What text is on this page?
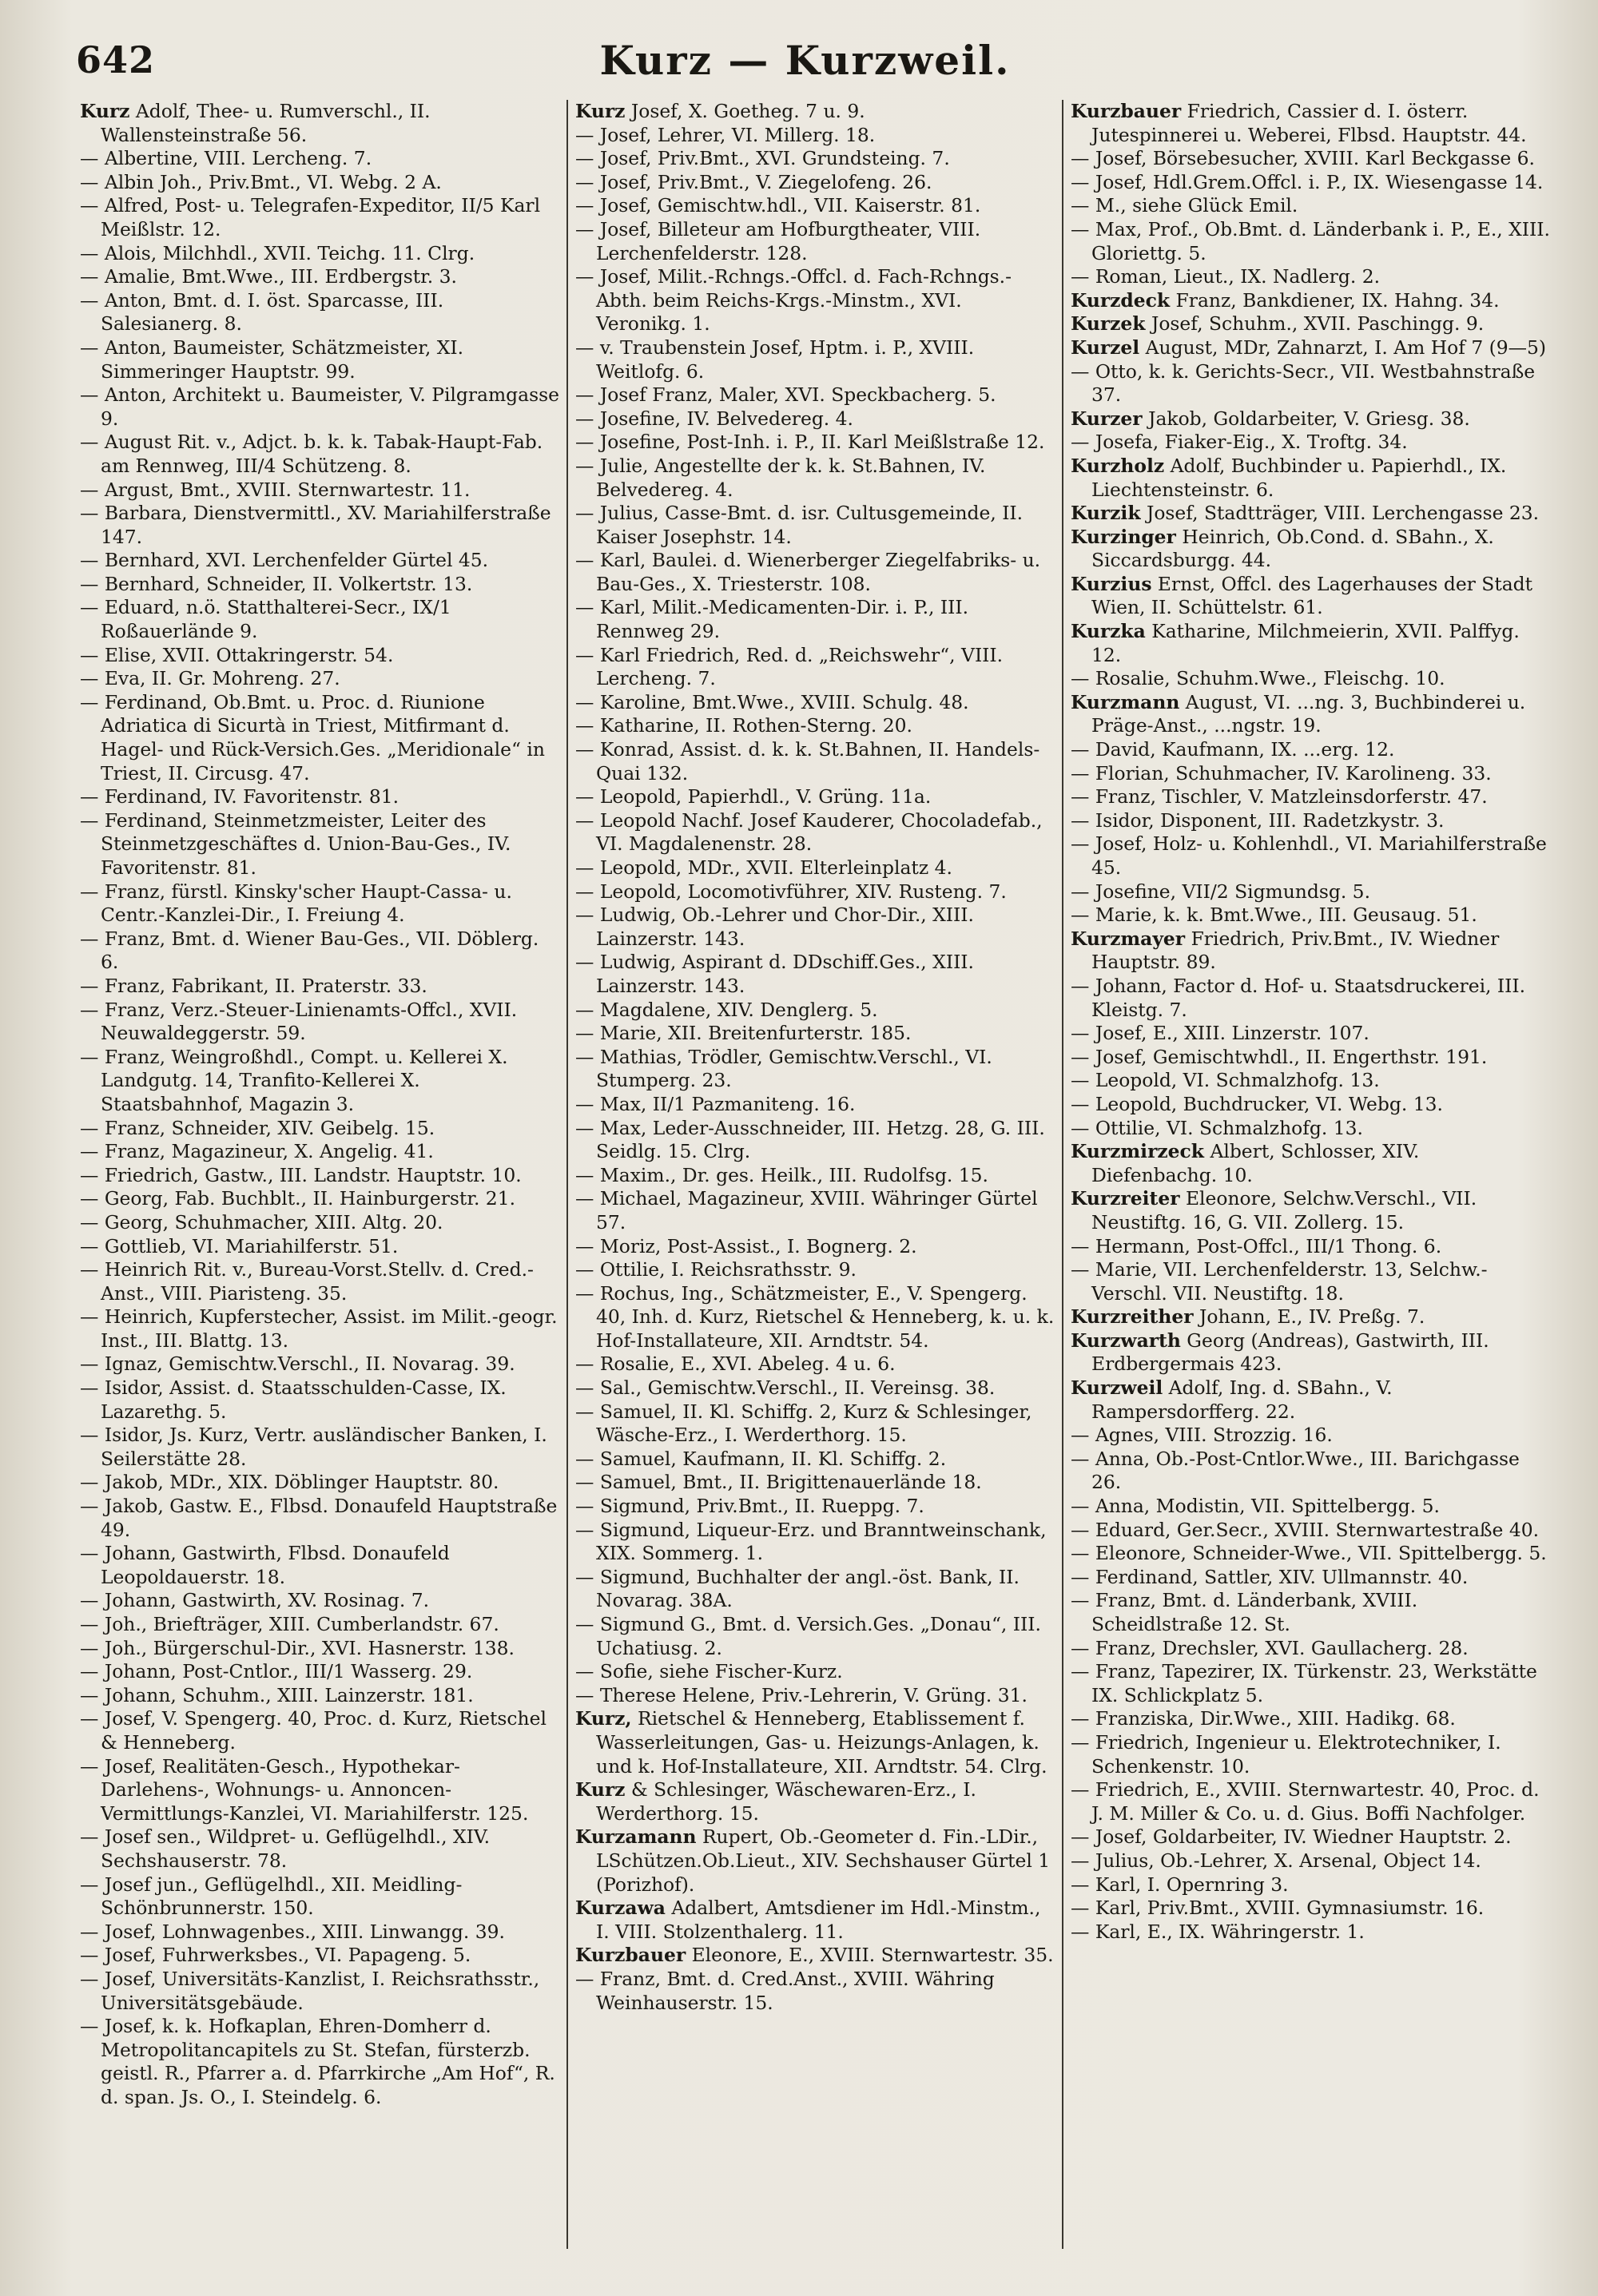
642	Kurz — Kurzweil.

Kurz Adolf, Thee- u. Rumverschl., II. Wallensteinstraße 56.

— Albertine, VIII. Lercheng. 7.

— Albin Joh., Priv.Bmt., VI. Webg. 2 A.

— Alfred, Post- u. Telegrafen-Expeditor, II/5 Karl Meißlstr. 12.

— Alois, Milchhdl., XVII. Teichg. 11. Clrg.

— Amalie, Bmt.Wwe., III. Erdbergstr. 3.

— Anton, Bmt. d. I. öst. Sparcasse, III. Salesianerg. 8.

— Anton, Baumeister, Schätzmeister, XI. Simmeringer Hauptstr. 99.

— Anton, Architekt u. Baumeister, V. Pilgramgasse 9.

— August Rit. v., Adjct. b. k. k. Tabak-Haupt-Fab. am Rennweg, III/4 Schützeng. 8.

— Argust, Bmt., XVIII. Sternwartestr. 11.

— Barbara, Dienstvermittl., XV. Mariahilferstraße 147.

— Bernhard, XVI. Lerchenfelder Gürtel 45.

— Bernhard, Schneider, II. Volkertstr. 13.

— Eduard, n.ö. Statthalterei-Secr., IX/1 Roßauerlände 9.

— Elise, XVII. Ottakringerstr. 54.

— Eva, II. Gr. Mohreng. 27.

— Ferdinand, Ob.Bmt. u. Proc. d. Riunione Adriatica di Sicurtà in Triest, Mitfirmant d. Hagel- und Rück-Versich.Ges. „Meridionale“ in Triest, II. Circusg. 47.

— Ferdinand, IV. Favoritenstr. 81.

— Ferdinand, Steinmetzmeister, Leiter des Steinmetzgeschäftes d. Union-Bau-Ges., IV. Favoritenstr. 81.

— Franz, fürstl. Kinsky'scher Haupt-Cassa- u. Centr.-Kanzlei-Dir., I. Freiung 4.

— Franz, Bmt. d. Wiener Bau-Ges., VII. Döblerg. 6.

— Franz, Fabrikant, II. Praterstr. 33.

— Franz, Verz.-Steuer-Linienamts-Offcl., XVII. Neuwaldeggerstr. 59.

— Franz, Weingroßhdl., Compt. u. Kellerei X. Landgutg. 14, Tranfito-Kellerei X. Staatsbahnhof, Magazin 3.

— Franz, Schneider, XIV. Geibelg. 15.

— Franz, Magazineur, X. Angelig. 41.

— Friedrich, Gastw., III. Landstr. Hauptstr. 10.

— Georg, Fab. Buchblt., II. Hainburgerstr. 21.

— Georg, Schuhmacher, XIII. Altg. 20.

— Gottlieb, VI. Mariahilferstr. 51.

— Heinrich Rit. v., Bureau-Vorst.Stellv. d. Cred.-Anst., VIII. Piaristeng. 35.

— Heinrich, Kupferstecher, Assist. im Milit.-geogr. Inst., III. Blattg. 13.

— Ignaz, Gemischtw.Verschl., II. Novarag. 39.

— Isidor, Assist. d. Staatsschulden-Casse, IX. Lazarethg. 5.

— Isidor, Js. Kurz, Vertr. ausländischer Banken, I. Seilerstätte 28.

— Jakob, MDr., XIX. Döblinger Hauptstr. 80.

— Jakob, Gastw. E., Flbsd. Donaufeld Hauptstraße 49.

— Johann, Gastwirth, Flbsd. Donaufeld Leopoldauerstr. 18.

— Johann, Gastwirth, XV. Rosinag. 7.

— Joh., Briefträger, XIII. Cumberlandstr. 67.

— Joh., Bürgerschul-Dir., XVI. Hasnerstr. 138.

— Johann, Post-Cntlor., III/1 Wasserg. 29.

— Johann, Schuhm., XIII. Lainzerstr. 181.

— Josef, V. Spengerg. 40, Proc. d. Kurz, Rietschel & Henneberg.

— Josef, Realitäten-Gesch., Hypothekar-Darlehens-, Wohnungs- u. Annoncen-Vermittlungs-Kanzlei, VI. Mariahilferstr. 125.

— Josef sen., Wildpret- u. Geflügelhdl., XIV. Sechshauserstr. 78.

— Josef jun., Geflügelhdl., XII. Meidling-Schönbrunnerstr. 150.

— Josef, Lohnwagenbes., XIII. Linwangg. 39.

— Josef, Fuhrwerksbes., VI. Papageng. 5.

— Josef, Universitäts-Kanzlist, I. Reichsrathsstr., Universitätsgebäude.

— Josef, k. k. Hofkaplan, Ehren-Domherr d. Metropolitancapitels zu St. Stefan, fürsterzb. geistl. R., Pfarrer a. d. Pfarrkirche „Am Hof“, R. d. span. Js. O., I. Steindelg. 6.

Kurz Josef, X. Goetheg. 7 u. 9.

— Josef, Lehrer, VI. Millerg. 18.

— Josef, Priv.Bmt., XVI. Grundsteing. 7.

— Josef, Priv.Bmt., V. Ziegelofeng. 26.

— Josef, Gemischtw.hdl., VII. Kaiserstr. 81.

— Josef, Billeteur am Hofburgtheater, VIII. Lerchenfelderstr. 128.

— Josef, Milit.-Rchngs.-Offcl. d. Fach-Rchngs.-Abth. beim Reichs-Krgs.-Minstm., XVI. Veronikg. 1.

— v. Traubenstein Josef, Hptm. i. P., XVIII. Weitlofg. 6.

— Josef Franz, Maler, XVI. Speckbacherg. 5.

— Josefine, IV. Belvedereg. 4.

— Josefine, Post-Inh. i. P., II. Karl Meißlstraße 12.

— Julie, Angestellte der k. k. St.Bahnen, IV. Belvedereg. 4.

— Julius, Casse-Bmt. d. isr. Cultusgemeinde, II. Kaiser Josephstr. 14.

— Karl, Baulei. d. Wienerberger Ziegelfabriks- u. Bau-Ges., X. Triesterstr. 108.

— Karl, Milit.-Medicamenten-Dir. i. P., III. Rennweg 29.

— Karl Friedrich, Red. d. „Reichswehr“, VIII. Lercheng. 7.

— Karoline, Bmt.Wwe., XVIII. Schulg. 48.

— Katharine, II. Rothen-Sterng. 20.

— Konrad, Assist. d. k. k. St.Bahnen, II. Handels-Quai 132.

— Leopold, Papierhdl., V. Grüng. 11a.

— Leopold Nachf. Josef Kauderer, Chocoladefab., VI. Magdalenenstr. 28.

— Leopold, MDr., XVII. Elterleinplatz 4.

— Leopold, Locomotivführer, XIV. Rusteng. 7.

— Ludwig, Ob.-Lehrer und Chor-Dir., XIII. Lainzerstr. 143.

— Ludwig, Aspirant d. DDschiff.Ges., XIII. Lainzerstr. 143.

— Magdalene, XIV. Denglerg. 5.

— Marie, XII. Breitenfurterstr. 185.

— Mathias, Trödler, Gemischtw.Verschl., VI. Stumperg. 23.

— Max, II/1 Pazmaniteng. 16.

— Max, Leder-Ausschneider, III. Hetzg. 28, G. III. Seidlg. 15. Clrg.

— Maxim., Dr. ges. Heilk., III. Rudolfsg. 15.

— Michael, Magazineur, XVIII. Währinger Gürtel 57.

— Moriz, Post-Assist., I. Bognerg. 2.

— Ottilie, I. Reichsrathsstr. 9.

— Rochus, Ing., Schätzmeister, E., V. Spengerg. 40, Inh. d. Kurz, Rietschel & Henneberg, k. u. k. Hof-Installateure, XII. Arndtstr. 54.

— Rosalie, E., XVI. Abeleg. 4 u. 6.

— Sal., Gemischtw.Verschl., II. Vereinsg. 38.

— Samuel, II. Kl. Schiffg. 2, Kurz & Schlesinger, Wäsche-Erz., I. Werderthorg. 15.

— Samuel, Kaufmann, II. Kl. Schiffg. 2.

— Samuel, Bmt., II. Brigittenauerlände 18.

— Sigmund, Priv.Bmt., II. Rueppg. 7.

— Sigmund, Liqueur-Erz. und Branntweinschank, XIX. Sommerg. 1.

— Sigmund, Buchhalter der angl.-öst. Bank, II. Novarag. 38A.

— Sigmund G., Bmt. d. Versich.Ges. „Donau“, III. Uchatiusg. 2.

— Sofie, siehe Fischer-Kurz.

— Therese Helene, Priv.-Lehrerin, V. Grüng. 31.

Kurz, Rietschel & Henneberg, Etablissement f. Wasserleitungen, Gas- u. Heizungs-Anlagen, k. und k. Hof-Installateure, XII. Arndtstr. 54. Clrg.

Kurz & Schlesinger, Wäschewaren-Erz., I. Werderthorg. 15.

Kurzamann Rupert, Ob.-Geometer d. Fin.-LDir., LSchützen.Ob.Lieut., XIV. Sechshauser Gürtel 1 (Porizhof).

Kurzawa Adalbert, Amtsdiener im Hdl.-Minstm., I. VIII. Stolzenthalerg. 11.

Kurzbauer Eleonore, E., XVIII. Sternwartestr. 35.

— Franz, Bmt. d. Cred.Anst., XVIII. Währing Weinhauserstr. 15.

Kurzbauer Friedrich, Cassier d. I. österr. Jutespinnerei u. Weberei, Flbsd. Hauptstr. 44.

— Josef, Börsebesucher, XVIII. Karl Beckgasse 6.

— Josef, Hdl.Grem.Offcl. i. P., IX. Wiesengasse 14.

— M., siehe Glück Emil.

— Max, Prof., Ob.Bmt. d. Länderbank i. P., E., XIII. Gloriettg. 5.

— Roman, Lieut., IX. Nadlerg. 2.

Kurzdeck Franz, Bankdiener, IX. Hahng. 34.

Kurzek Josef, Schuhm., XVII. Paschingg. 9.

Kurzel August, MDr, Zahnarzt, I. Am Hof 7 (9—5)

— Otto, k. k. Gerichts-Secr., VII. Westbahnstraße 37.

Kurzer Jakob, Goldarbeiter, V. Griesg. 38.

— Josefa, Fiaker-Eig., X. Troftg. 34.

Kurzholz Adolf, Buchbinder u. Papierhdl., IX. Liechtensteinstr. 6.

Kurzik Josef, Stadtträger, VIII. Lerchengasse 23.

Kurzinger Heinrich, Ob.Cond. d. SBahn., X. Siccardsburgg. 44.

Kurzius Ernst, Offcl. des Lagerhauses der Stadt Wien, II. Schüttelstr. 61.

Kurzka Katharine, Milchmeierin, XVII. Palffyg. 12.

— Rosalie, Schuhm.Wwe., Fleischg. 10.

Kurzmann August, VI. ...ng. 3, Buchbinderei u. Präge-Anst., ...ngstr. 19.

— David, Kaufmann, IX. ...erg. 12.

— Florian, Schuhmacher, IV. Karolineng. 33.

— Franz, Tischler, V. Matzleinsdorferstr. 47.

— Isidor, Disponent, III. Radetzkystr. 3.

— Josef, Holz- u. Kohlenhdl., VI. Mariahilferstraße 45.

— Josefine, VII/2 Sigmundsg. 5.

— Marie, k. k. Bmt.Wwe., III. Geusaug. 51.

Kurzmayer Friedrich, Priv.Bmt., IV. Wiedner Hauptstr. 89.

— Johann, Factor d. Hof- u. Staatsdruckerei, III. Kleistg. 7.

— Josef, E., XIII. Linzerstr. 107.

— Josef, Gemischtwhdl., II. Engerthstr. 191.

— Leopold, VI. Schmalzhofg. 13.

— Leopold, Buchdrucker, VI. Webg. 13.

— Ottilie, VI. Schmalzhofg. 13.

Kurzmirzeck Albert, Schlosser, XIV. Diefenbachg. 10.

Kurzreiter Eleonore, Selchw.Verschl., VII. Neustiftg. 16, G. VII. Zollerg. 15.

— Hermann, Post-Offcl., III/1 Thong. 6.

— Marie, VII. Lerchenfelderstr. 13, Selchw.-Verschl. VII. Neustiftg. 18.

Kurzreither Johann, E., IV. Preßg. 7.

Kurzwarth Georg (Andreas), Gastwirth, III. Erdbergermais 423.

Kurzweil Adolf, Ing. d. SBahn., V. Rampersdorfferg. 22.

— Agnes, VIII. Strozzig. 16.

— Anna, Ob.-Post-Cntlor.Wwe., III. Barichgasse 26.

— Anna, Modistin, VII. Spittelbergg. 5.

— Eduard, Ger.Secr., XVIII. Sternwartestraße 40.

— Eleonore, Schneider-Wwe., VII. Spittelbergg. 5.

— Ferdinand, Sattler, XIV. Ullmannstr. 40.

— Franz, Bmt. d. Länderbank, XVIII. Scheidlstraße 12. St.

— Franz, Drechsler, XVI. Gaullacherg. 28.

— Franz, Tapezirer, IX. Türkenstr. 23, Werkstätte IX. Schlickplatz 5.

— Franziska, Dir.Wwe., XIII. Hadikg. 68.

— Friedrich, Ingenieur u. Elektrotechniker, I. Schenkenstr. 10.

— Friedrich, E., XVIII. Sternwartestr. 40, Proc. d. J. M. Miller & Co. u. d. Gius. Boffi Nachfolger.

— Josef, Goldarbeiter, IV. Wiedner Hauptstr. 2.

— Julius, Ob.-Lehrer, X. Arsenal, Object 14.

— Karl, I. Opernring 3.

— Karl, Priv.Bmt., XVIII. Gymnasiumstr. 16.

— Karl, E., IX. Währingerstr. 1.
